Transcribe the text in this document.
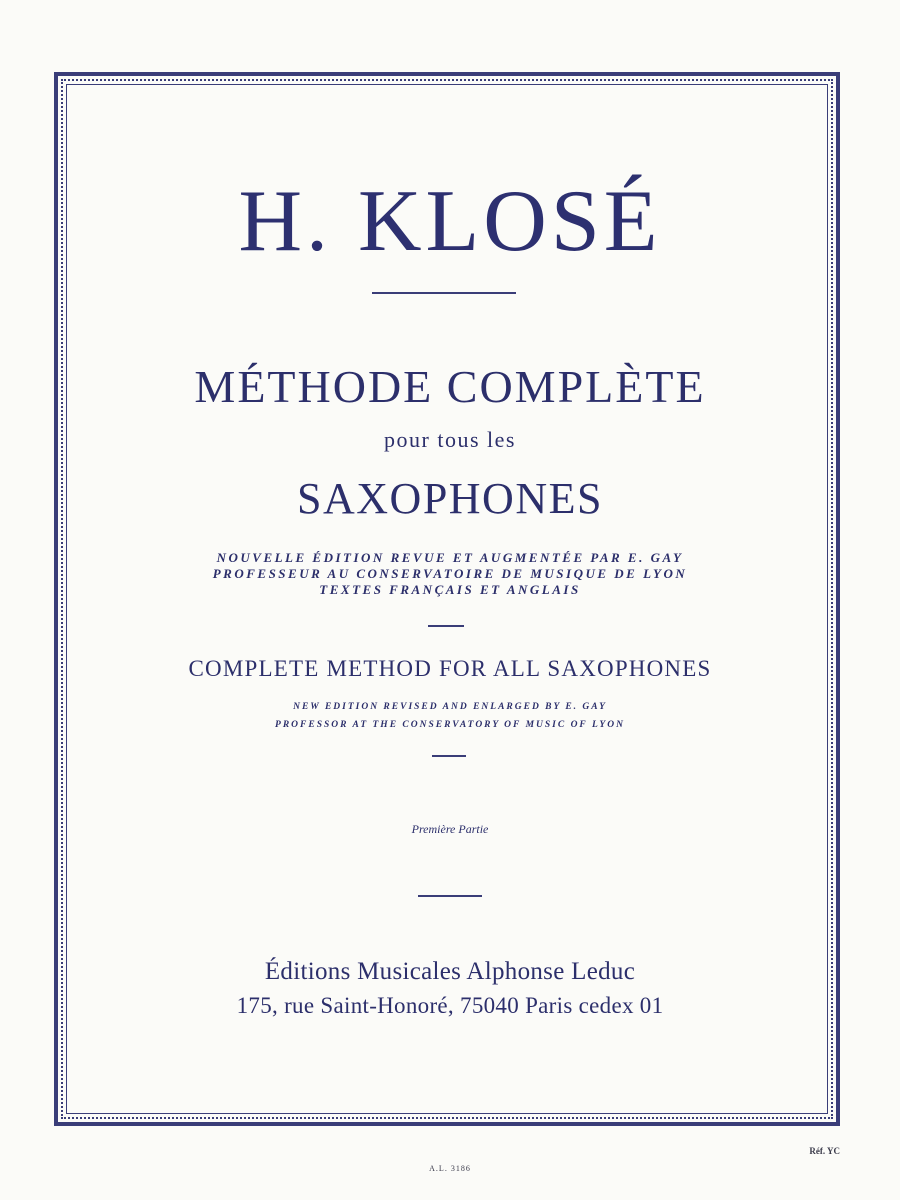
H. KLOSÉ
MÉTHODE COMPLÈTE
pour tous les
SAXOPHONES
NOUVELLE ÉDITION REVUE ET AUGMENTÉE PAR E. GAY
PROFESSEUR AU CONSERVATOIRE DE MUSIQUE DE LYON
TEXTES FRANÇAIS ET ANGLAIS
COMPLETE METHOD FOR ALL SAXOPHONES
NEW EDITION REVISED AND ENLARGED BY E. GAY
PROFESSOR AT THE CONSERVATORY OF MUSIC OF LYON
Première Partie
Éditions Musicales Alphonse Leduc
175, rue Saint-Honoré, 75040 Paris cedex 01
Réf. YC
A.L. 3186
